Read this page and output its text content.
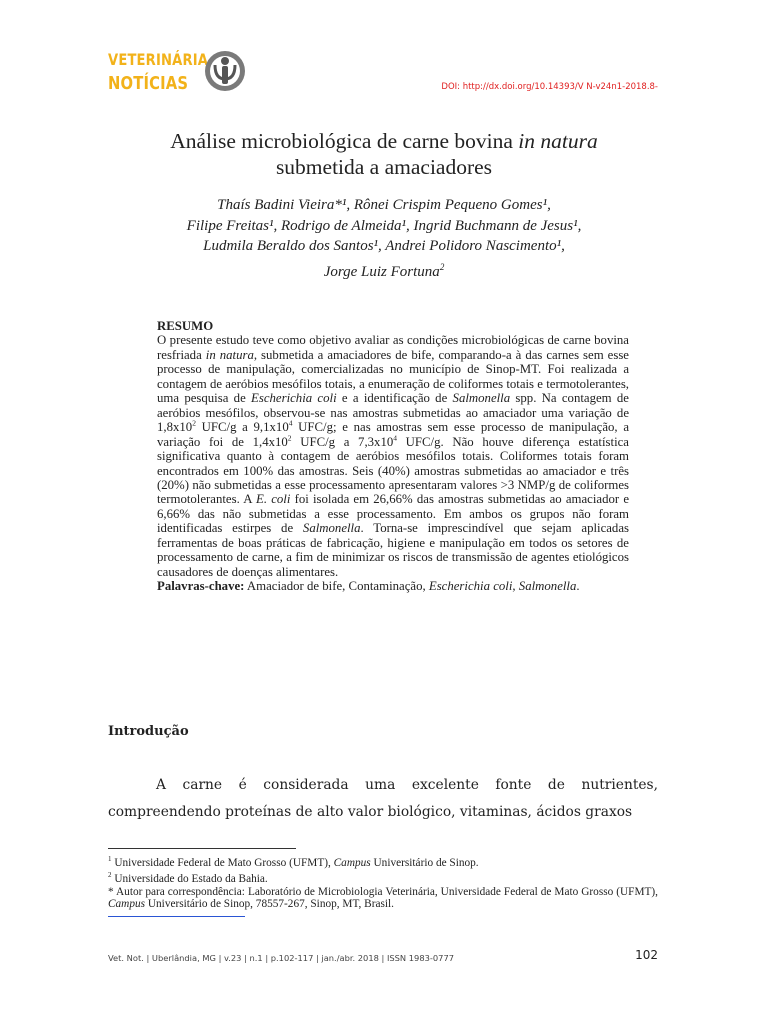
VETERINÁRIA
NOTÍCIAS	DOI: http://dx.doi.org/10.14393/V N-v24n1-2018.8-
Análise microbiológica de carne bovina in natura
submetida a amaciadores
Thaís Badini Vieira*¹, Rônei Crispim Pequeno Gomes¹,
Filipe Freitas¹, Rodrigo de Almeida¹, Ingrid Buchmann de Jesus¹,
Ludmila Beraldo dos Santos¹, Andrei Polidoro Nascimento¹,
Jorge Luiz Fortuna$^2$

RESUMO

O presente estudo teve como objetivo avaliar as condições microbiológicas de carne bovina resfriada in natura, submetida a amaciadores de bife, comparando-a à das carnes sem esse processo de manipulação, comercializadas no município de Sinop-MT. Foi realizada a contagem de aeróbios mesófilos totais, a enumeração de coliformes totais e termotolerantes, uma pesquisa de Escherichia coli e a identificação de Salmonella spp. Na contagem de aeróbios mesófilos, observou-se nas amostras submetidas ao amaciador uma variação de $1,8x10^2$ UFC/g a $9,1x10^4$ UFC/g; e nas amostras sem esse processo de manipulação, a variação foi de $1,4x10^2$ UFC/g a $7,3x10^4$ UFC/g. Não houve diferença estatística significativa quanto à contagem de aeróbios mesófilos totais. Coliformes totais foram encontrados em 100% das amostras. Seis (40%) amostras submetidas ao amaciador e três (20%) não submetidas a esse processamento apresentaram valores >3 NMP/g de coliformes termotolerantes. A E. coli foi isolada em 26,66% das amostras submetidas ao amaciador e 6,66% das não submetidas a esse processamento. Em ambos os grupos não foram identificadas estirpes de Salmonella. Torna-se imprescindível que sejam aplicadas ferramentas de boas práticas de fabricação, higiene e manipulação em todos os setores de processamento de carne, a fim de minimizar os riscos de transmissão de agentes etiológicos causadores de doenças alimentares.

Palavras-chave: Amaciador de bife, Contaminação, Escherichia coli, Salmonella.

Introdução

A carne é considerada uma excelente fonte de nutrientes, compreendendo proteínas de alto valor biológico, vitaminas, ácidos graxos

$^1$ Universidade Federal de Mato Grosso (UFMT), Campus Universitário de Sinop.

$^2$ Universidade do Estado da Bahia.

* Autor para correspondência: Laboratório de Microbiologia Veterinária, Universidade Federal de Mato Grosso (UFMT), Campus Universitário de Sinop, 78557-267, Sinop, MT, Brasil.

Vet. Not. | Uberlândia, MG | v.23 | n.1 | p.102-117 | jan./abr. 2018 | ISSN 1983-0777	102
